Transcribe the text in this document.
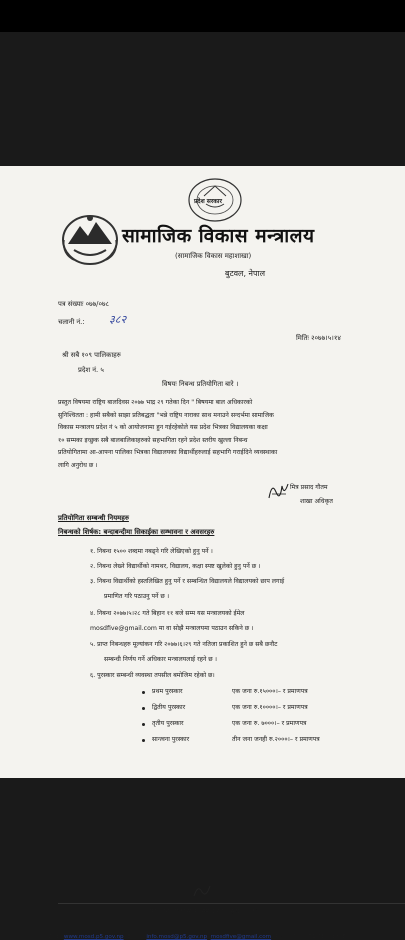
प्रदेश सरकार
सामाजिक विकास मन्त्रालय
(सामाजिक विकास महाशाखा)
बुटवल, नेपाल
पत्र संख्याः ०७७/०७८
चलानी नं.: ३८२
मितिः २०७७।५।१४
श्री सबै १०९ पालिकाहरु
प्रदेश नं. ५
विषयः निबन्ध प्रतियोगिता बारे ।
प्रस्तुत विषयमा राष्ट्रिय बालदिवस २०७७ भाद्र २९ गतेका दिन " बिषयमा बाल अधिकारको
सुनिश्चितता : हामी सबैको साझा प्रतिबद्धता "भन्ने राष्ट्रिय नाराका साथ मनाउने सन्दर्भमा सामाजिक
विकास मन्त्रालय प्रदेश नं ५ को आयोजनामा हुन गईरहेकोले यस प्रदेश भित्रका विद्यालयका कक्षा
१० सम्मका इच्छुक सबै बालबालिकाहरुको सहभागिता रहने प्रदेश स्तरीय खुल्ला निबन्ध
प्रतियोगितामा आ-आफ्ना पालिका भित्रका विद्यालयका विद्यार्थीहरुलाई सहभागि गराईदिने व्यवस्थाका
लागि अनुरोध छ ।
मित्र प्रसाद गौतम
शाखा अधिकृत
प्रतियोगिता सम्बन्धी नियमहरु
निबन्धको शिर्षक: बन्दाबन्दीमा सिकाईका सम्भावना र अवसरहरु
१. निबन्ध १५०० शब्दमा नबढ्ने गरि लेखिएको हुनु पर्ने ।
२. निबन्ध लेख्ने विद्यार्थीको नामथर, विद्यालय, कक्षा स्पष्ट खुलेको हुनु पर्ने छ ।
३. निबन्ध विद्यार्थीको हस्तलिखित हुनु पर्ने र सम्बन्धित विद्यालयले विद्यालयको छाप लगाई
प्रमाणित गरि पठाउनु पर्ने छ ।
४. निबन्ध २०७७।५।२८ गते बिहान ११ बजे सम्म यस मन्त्रालयको ईमेल
mosdfive@gmail.com मा वा सोझै मन्त्रालयमा पठाउन सकिने छ ।
५. प्राप्त निबन्धहरु मूल्यांकन गरि २०७७।६।२९ गते नतिजा प्रकाशित हुने छ सबै छनौट
सम्बन्धी निर्णय गर्ने अधिकार मन्त्रालयलाई रहने छ ।
६. पुरस्कार सम्बन्धी व्यवस्था तपसील बमोजिम रहेको छ।
प्रथम पुरस्कार	एक जना रु.१५०००।– र प्रमाणपत्र
द्वितीय पुरस्कार	एक जना रु.१००००।– र प्रमाणपत्र
तृतीय पुरस्कार	एक जना रु. ७०००।– र प्रमाणपत्र
सान्त्वना पुरस्कार	तीन जना जनही रु.२०००।– र प्रमाणपत्र
प्रदेश सरकारको सोच "समृद्ध प्रदेशः सुखी जनता"
Web: www.mosd.p5.gov.np, Email: info.mosd@p5.gov.np, mosdfive@gmail.com, Phone No. 071-550038, 5
